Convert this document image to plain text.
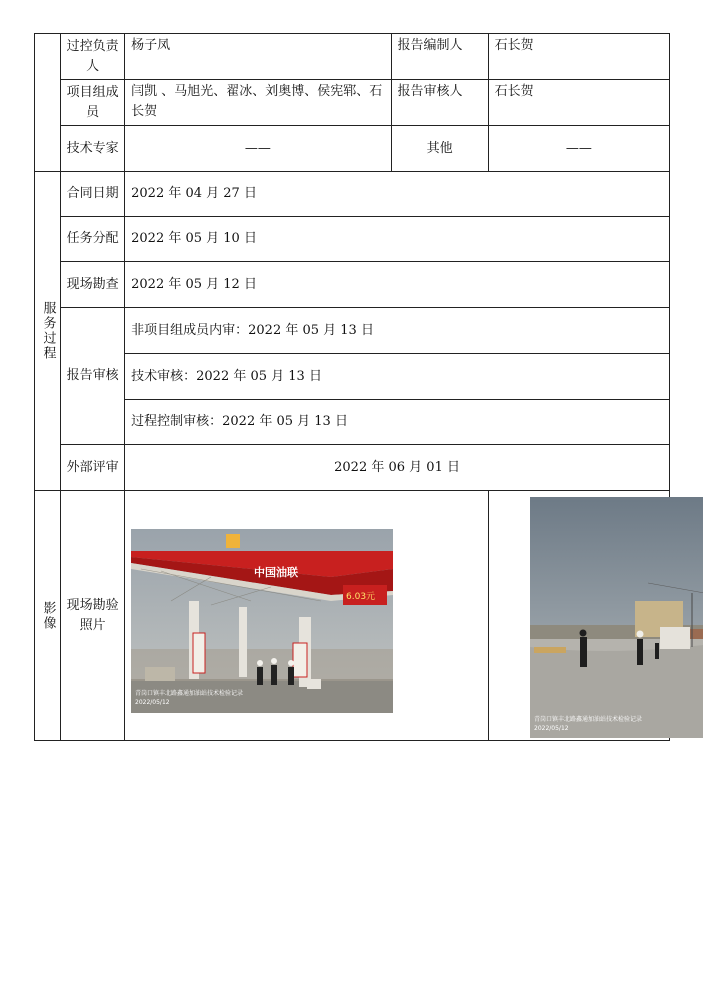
	过控负责人	杨子凤	报告编制人	石长贺
	项目组成员	闫凯 、马旭光、翟冰、刘奥博、侯宪郓、石长贺	报告审核人	石长贺
	技术专家	——	其他	——

服务过程	合同日期	2022 年 04 月 27 日		
	任务分配	2022 年 05 月 10 日		
	现场勘查	2022 年 05 月 12 日		
	报告审核	非项目组成员内审：2022 年 05 月 13 日		
		技术审核：2022 年 05 月 13 日		
		过程控制审核：2022 年 05 月 13 日		
	外部评审	2022 年 06 月 01 日		

影像	现场勘验照片	中国油联
6.03元
青岗口镇丰北路鑫通加油站技术检验记录
2022/05/12		青岗口镇丰北路鑫通加油站技术检验记录
2022/05/12
